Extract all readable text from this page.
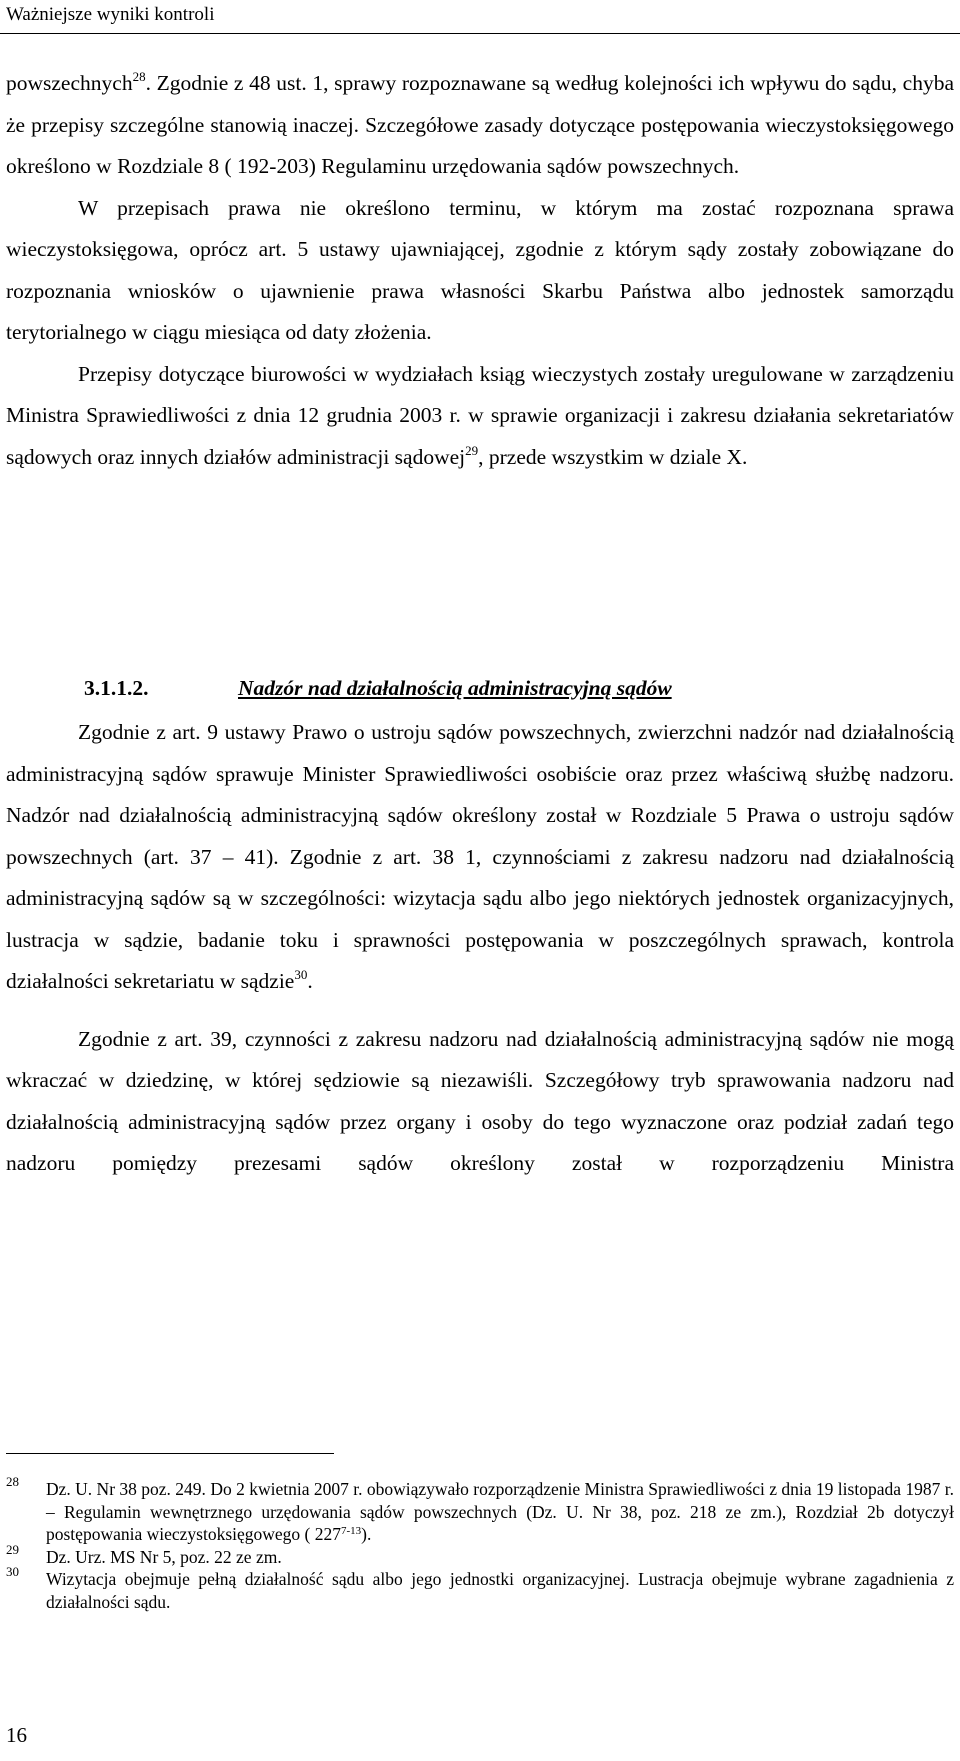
Ważniejsze wyniki kontroli

powszechnych$^{28}$. Zgodnie z 48 ust. 1, sprawy rozpoznawane są według kolejności ich wpływu do sądu, chyba że przepisy szczególne stanowią inaczej. Szczegółowe zasady dotyczące postępowania wieczystoksięgowego określono w Rozdziale 8 ( 192-203) Regulaminu urzędowania sądów powszechnych.

W przepisach prawa nie określono terminu, w którym ma zostać rozpoznana sprawa wieczystoksięgowa, oprócz art. 5 ustawy ujawniającej, zgodnie z którym sądy zostały zobowiązane do rozpoznania wniosków o ujawnienie prawa własności Skarbu Państwa albo jednostek samorządu terytorialnego w ciągu miesiąca od daty złożenia.

Przepisy dotyczące biurowości w wydziałach ksiąg wieczystych zostały uregulowane w zarządzeniu Ministra Sprawiedliwości z dnia 12 grudnia 2003 r. w sprawie organizacji i zakresu działania sekretariatów sądowych oraz innych działów administracji sądowej$^{29}$, przede wszystkim w dziale X.

3.1.1.2.	Nadzór nad działalnością administracyjną sądów

Zgodnie z art. 9 ustawy Prawo o ustroju sądów powszechnych, zwierzchni nadzór nad działalnością administracyjną sądów sprawuje Minister Sprawiedliwości osobiście oraz przez właściwą służbę nadzoru. Nadzór nad działalnością administracyjną sądów określony został w Rozdziale 5 Prawa o ustroju sądów powszechnych (art. 37 – 41). Zgodnie z art. 38 1, czynnościami z zakresu nadzoru nad działalnością administracyjną sądów są w szczególności: wizytacja sądu albo jego niektórych jednostek organizacyjnych, lustracja w sądzie, badanie toku i sprawności postępowania w poszczególnych sprawach, kontrola działalności sekretariatu w sądzie$^{30}$.

Zgodnie z art. 39, czynności z zakresu nadzoru nad działalnością administracyjną sądów nie mogą wkraczać w dziedzinę, w której sędziowie są niezawiśli. Szczegółowy tryb sprawowania nadzoru nad działalnością administracyjną sądów przez organy i osoby do tego wyznaczone oraz podział zadań tego nadzoru pomiędzy prezesami sądów określony został w rozporządzeniu Ministra

28 Dz. U. Nr 38 poz. 249. Do 2 kwietnia 2007 r. obowiązywało rozporządzenie Ministra Sprawiedliwości z dnia 19 listopada 1987 r. – Regulamin wewnętrznego urzędowania sądów powszechnych (Dz. U. Nr 38, poz. 218 ze zm.), Rozdział 2b dotyczył postępowania wieczystoksięgowego ( 227$^{7-13}$).
29 Dz. Urz. MS Nr 5, poz. 22 ze zm.
30 Wizytacja obejmuje pełną działalność sądu albo jego jednostki organizacyjnej. Lustracja obejmuje wybrane zagadnienia z działalności sądu.
16
